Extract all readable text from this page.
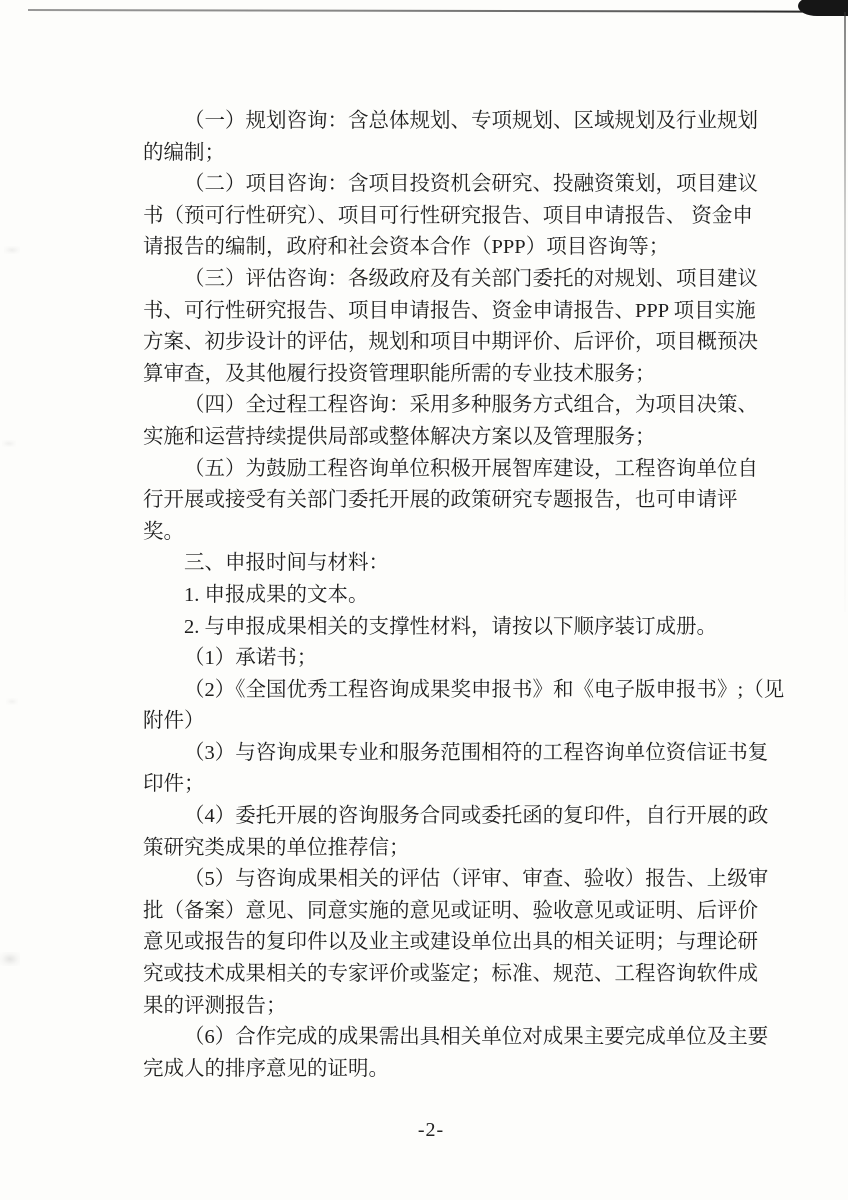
（一）规划咨询：含总体规划、专项规划、区域规划及行业规划
的编制；
（二）项目咨询：含项目投资机会研究、投融资策划，项目建议
书（预可行性研究）、项目可行性研究报告、项目申请报告、 资金申
请报告的编制，政府和社会资本合作（PPP）项目咨询等；
（三）评估咨询：各级政府及有关部门委托的对规划、项目建议
书、可行性研究报告、项目申请报告、资金申请报告、PPP 项目实施
方案、初步设计的评估，规划和项目中期评价、后评价，项目概预决
算审查，及其他履行投资管理职能所需的专业技术服务；
（四）全过程工程咨询：采用多种服务方式组合，为项目决策、
实施和运营持续提供局部或整体解决方案以及管理服务；
（五）为鼓励工程咨询单位积极开展智库建设，工程咨询单位自
行开展或接受有关部门委托开展的政策研究专题报告，也可申请评
奖。
三、申报时间与材料：
1. 申报成果的文本。
2. 与申报成果相关的支撑性材料，请按以下顺序装订成册。
（1）承诺书；
（2）《全国优秀工程咨询成果奖申报书》和《电子版申报书》;（见
附件）
（3）与咨询成果专业和服务范围相符的工程咨询单位资信证书复
印件；
（4）委托开展的咨询服务合同或委托函的复印件，自行开展的政
策研究类成果的单位推荐信；
（5）与咨询成果相关的评估（评审、审查、验收）报告、上级审
批（备案）意见、同意实施的意见或证明、验收意见或证明、后评价
意见或报告的复印件以及业主或建设单位出具的相关证明；与理论研
究或技术成果相关的专家评价或鉴定；标准、规范、工程咨询软件成
果的评测报告；
（6）合作完成的成果需出具相关单位对成果主要完成单位及主要
完成人的排序意见的证明。
-2-
